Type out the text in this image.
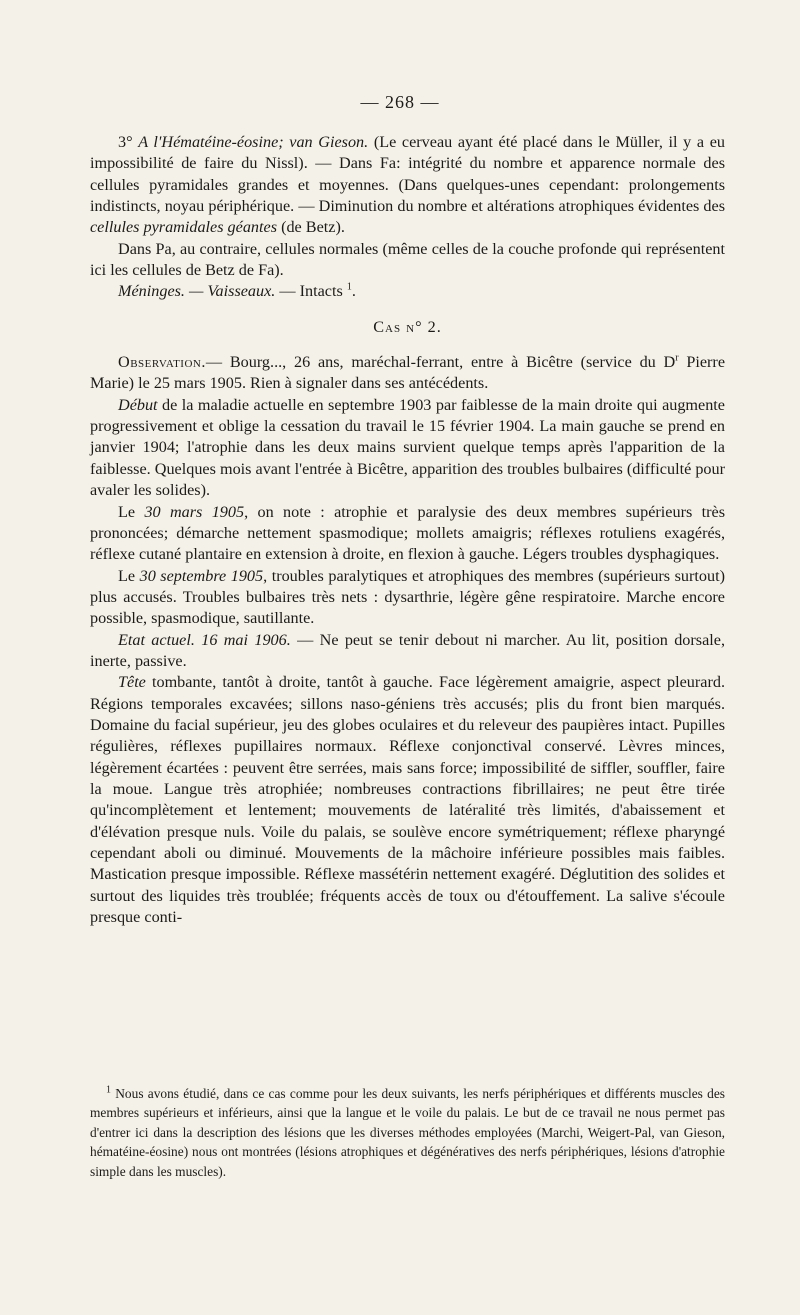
— 268 —

3° A l'Hématéine-éosine; van Gieson. (Le cerveau ayant été placé dans le Müller, il y a eu impossibilité de faire du Nissl). — Dans Fa: intégrité du nombre et apparence normale des cellules pyramidales grandes et moyennes. (Dans quelques-unes cependant: prolongements indistincts, noyau périphérique. — Diminution du nombre et altérations atrophiques évidentes des cellules pyramidales géantes (de Betz).

Dans Pa, au contraire, cellules normales (même celles de la couche profonde qui représentent ici les cellules de Betz de Fa).

Méninges. — Vaisseaux. — Intacts $^1$.

Cas n° 2.

Observation.— Bourg..., 26 ans, maréchal-ferrant, entre à Bicêtre (service du $D^r$ Pierre Marie) le 25 mars 1905. Rien à signaler dans ses antécédents.

Début de la maladie actuelle en septembre 1903 par faiblesse de la main droite qui augmente progressivement et oblige la cessation du travail le 15 février 1904. La main gauche se prend en janvier 1904; l'atrophie dans les deux mains survient quelque temps après l'apparition de la faiblesse. Quelques mois avant l'entrée à Bicêtre, apparition des troubles bulbaires (difficulté pour avaler les solides).

Le 30 mars 1905, on note : atrophie et paralysie des deux membres supérieurs très prononcées; démarche nettement spasmodique; mollets amaigris; réflexes rotuliens exagérés, réflexe cutané plantaire en extension à droite, en flexion à gauche. Légers troubles dysphagiques.

Le 30 septembre 1905, troubles paralytiques et atrophiques des membres (supérieurs surtout) plus accusés. Troubles bulbaires très nets : dysarthrie, légère gêne respiratoire. Marche encore possible, spasmodique, sautillante.

Etat actuel. 16 mai 1906. — Ne peut se tenir debout ni marcher. Au lit, position dorsale, inerte, passive.

Tête tombante, tantôt à droite, tantôt à gauche. Face légèrement amaigrie, aspect pleurard. Régions temporales excavées; sillons naso-géniens très accusés; plis du front bien marqués. Domaine du facial supérieur, jeu des globes oculaires et du releveur des paupières intact. Pupilles régulières, réflexes pupillaires normaux. Réflexe conjonctival conservé. Lèvres minces, légèrement écartées : peuvent être serrées, mais sans force; impossibilité de siffler, souffler, faire la moue. Langue très atrophiée; nombreuses contractions fibrillaires; ne peut être tirée qu'incomplètement et lentement; mouvements de latéralité très limités, d'abaissement et d'élévation presque nuls. Voile du palais, se soulève encore symétriquement; réflexe pharyngé cependant aboli ou diminué. Mouvements de la mâchoire inférieure possibles mais faibles. Mastication presque impossible. Réflexe massétérin nettement exagéré. Déglutition des solides et surtout des liquides très troublée; fréquents accès de toux ou d'étouffement. La salive s'écoule presque conti-

$^1$ Nous avons étudié, dans ce cas comme pour les deux suivants, les nerfs périphériques et différents muscles des membres supérieurs et inférieurs, ainsi que la langue et le voile du palais. Le but de ce travail ne nous permet pas d'entrer ici dans la description des lésions que les diverses méthodes employées (Marchi, Weigert-Pal, van Gieson, hématéine-éosine) nous ont montrées (lésions atrophiques et dégénératives des nerfs périphériques, lésions d'atrophie simple dans les muscles).
